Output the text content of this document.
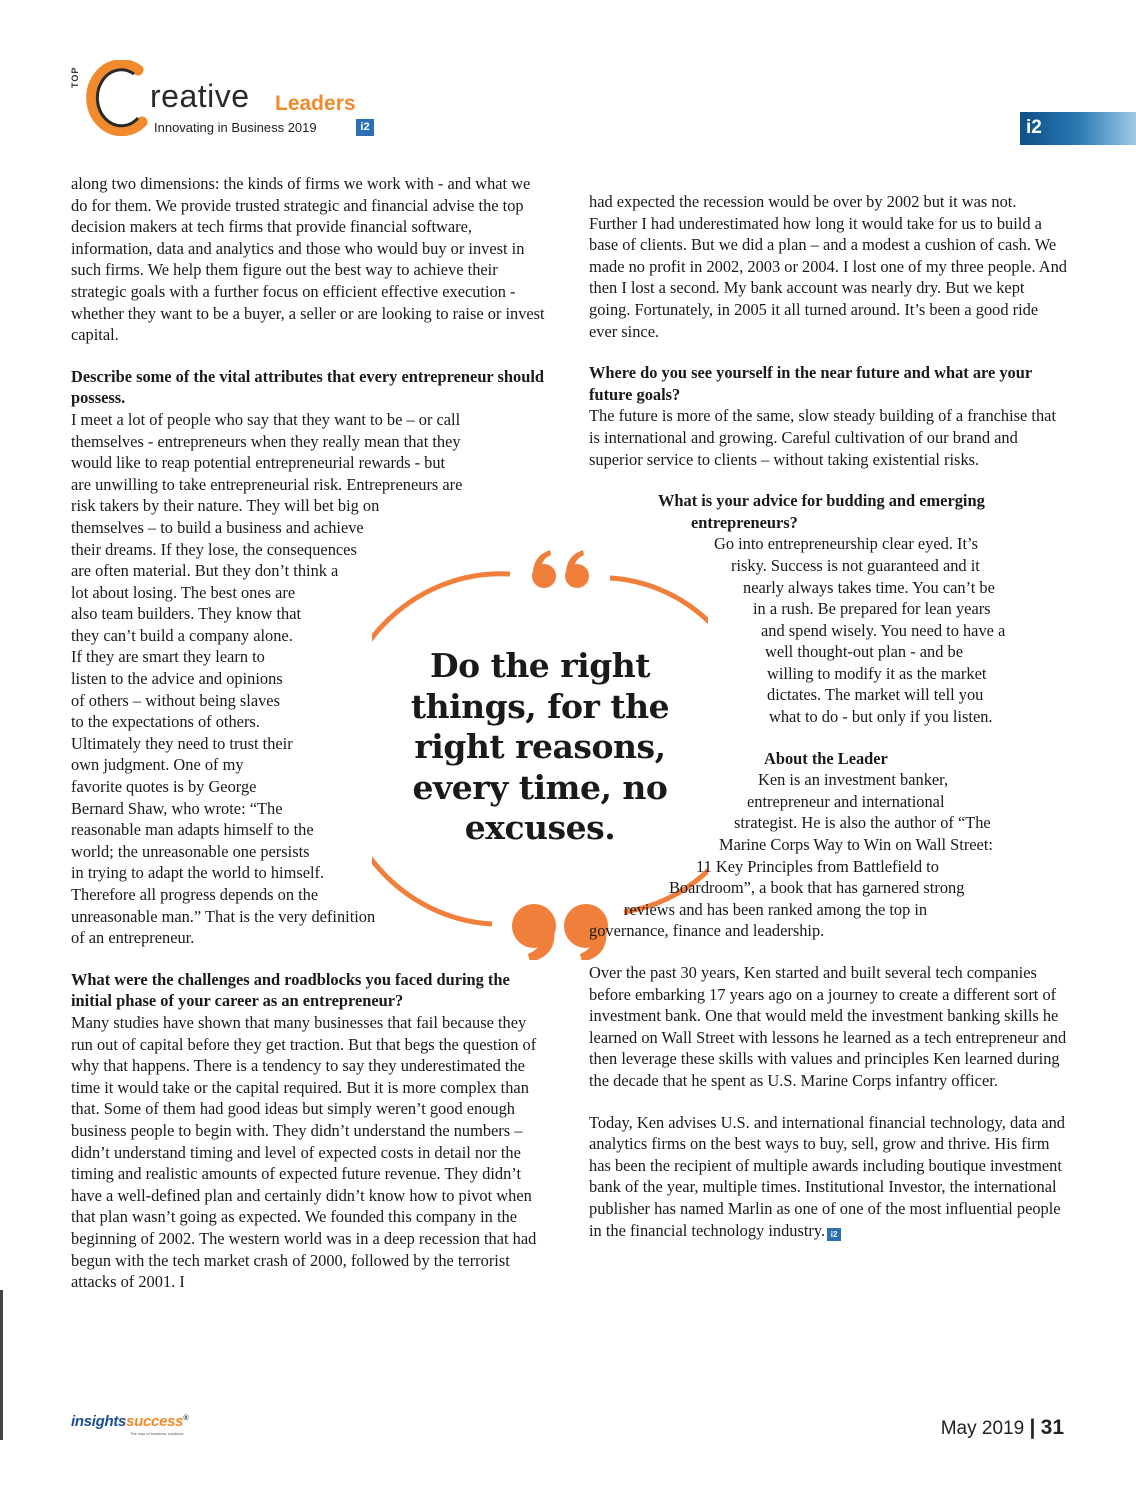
TOP
C
reative Leaders
Innovating in Business 2019	i2	i2

along two dimensions: the kinds of firms we work with - and what we do for them. We provide trusted strategic and financial advise the top decision makers at tech firms that provide financial software, information, data and analytics and those who would buy or invest in such firms. We help them figure out the best way to achieve their strategic goals with a further focus on efficient effective execution - whether they want to be a buyer, a seller or are looking to raise or invest capital.

Describe some of the vital attributes that every entrepreneur should possess.

I meet a lot of people who say that they want to be – or call
themselves - entrepreneurs when they really mean that they
would like to reap potential entrepreneurial rewards - but
are unwilling to take entrepreneurial risk. Entrepreneurs are
risk takers by their nature. They will bet big on
themselves – to build a business and achieve
their dreams. If they lose, the consequences
are often material. But they don’t think a
lot about losing. The best ones are
also team builders. They know that
they can’t build a company alone.
If they are smart they learn to
listen to the advice and opinions
of others – without being slaves
to the expectations of others.
Ultimately they need to trust their
own judgment. One of my
favorite quotes is by George
Bernard Shaw, who wrote: “The
reasonable man adapts himself to the
world; the unreasonable one persists
in trying to adapt the world to himself.
Therefore all progress depends on the
unreasonable man.” That is the very definition
of an entrepreneur.

What were the challenges and roadblocks you faced during the initial phase of your career as an entrepreneur?

Many studies have shown that many businesses that fail because they run out of capital before they get traction. But that begs the question of why that happens. There is a tendency to say they underestimated the time it would take or the capital required. But it is more complex than that. Some of them had good ideas but simply weren’t good enough business people to begin with. They didn’t understand the numbers – didn’t understand timing and level of expected costs in detail nor the timing and realistic amounts of expected future revenue. They didn’t have a well-defined plan and certainly didn’t know how to pivot when that plan wasn’t going as expected. We founded this company in the beginning of 2002. The western world was in a deep recession that had begun with the tech market crash of 2000, followed by the terrorist attacks of 2001. I

Do the right things, for the right reasons, every time, no excuses.

had expected the recession would be over by 2002 but it was not. Further I had underestimated how long it would take for us to build a base of clients. But we did a plan – and a modest a cushion of cash. We made no profit in 2002, 2003 or 2004. I lost one of my three people. And then I lost a second. My bank account was nearly dry. But we kept going. Fortunately, in 2005 it all turned around. It’s been a good ride ever since.

Where do you see yourself in the near future and what are your future goals?

The future is more of the same, slow steady building of a franchise that is international and growing. Careful cultivation of our brand and superior service to clients – without taking existential risks.

What is your advice for budding and emerging
entrepreneurs?
Go into entrepreneurship clear eyed. It’s
risky. Success is not guaranteed and it
nearly always takes time. You can’t be
in a rush. Be prepared for lean years
and spend wisely. You need to have a
well thought-out plan - and be
willing to modify it as the market
dictates. The market will tell you
what to do - but only if you listen.
About the Leader
Ken is an investment banker,
entrepreneur and international
strategist. He is also the author of “The
Marine Corps Way to Win on Wall Street:
11 Key Principles from Battlefield to
Boardroom”, a book that has garnered strong
reviews and has been ranked among the top in
governance, finance and leadership.

Over the past 30 years, Ken started and built several tech companies before embarking 17 years ago on a journey to create a different sort of investment bank. One that would meld the investment banking skills he learned on Wall Street with lessons he learned as a tech entrepreneur and then leverage these skills with values and principles Ken learned during the decade that he spent as U.S. Marine Corps infantry officer.

Today, Ken advises U.S. and international financial technology, data and analytics firms on the best ways to buy, sell, grow and thrive. His firm has been the recipient of multiple awards including boutique investment bank of the year, multiple times. Institutional Investor, the international publisher has named Marlin as one of one of the most influential people in the financial technology industry. i2

insightssuccess®
The way of business solutions	May 2019 | 31
